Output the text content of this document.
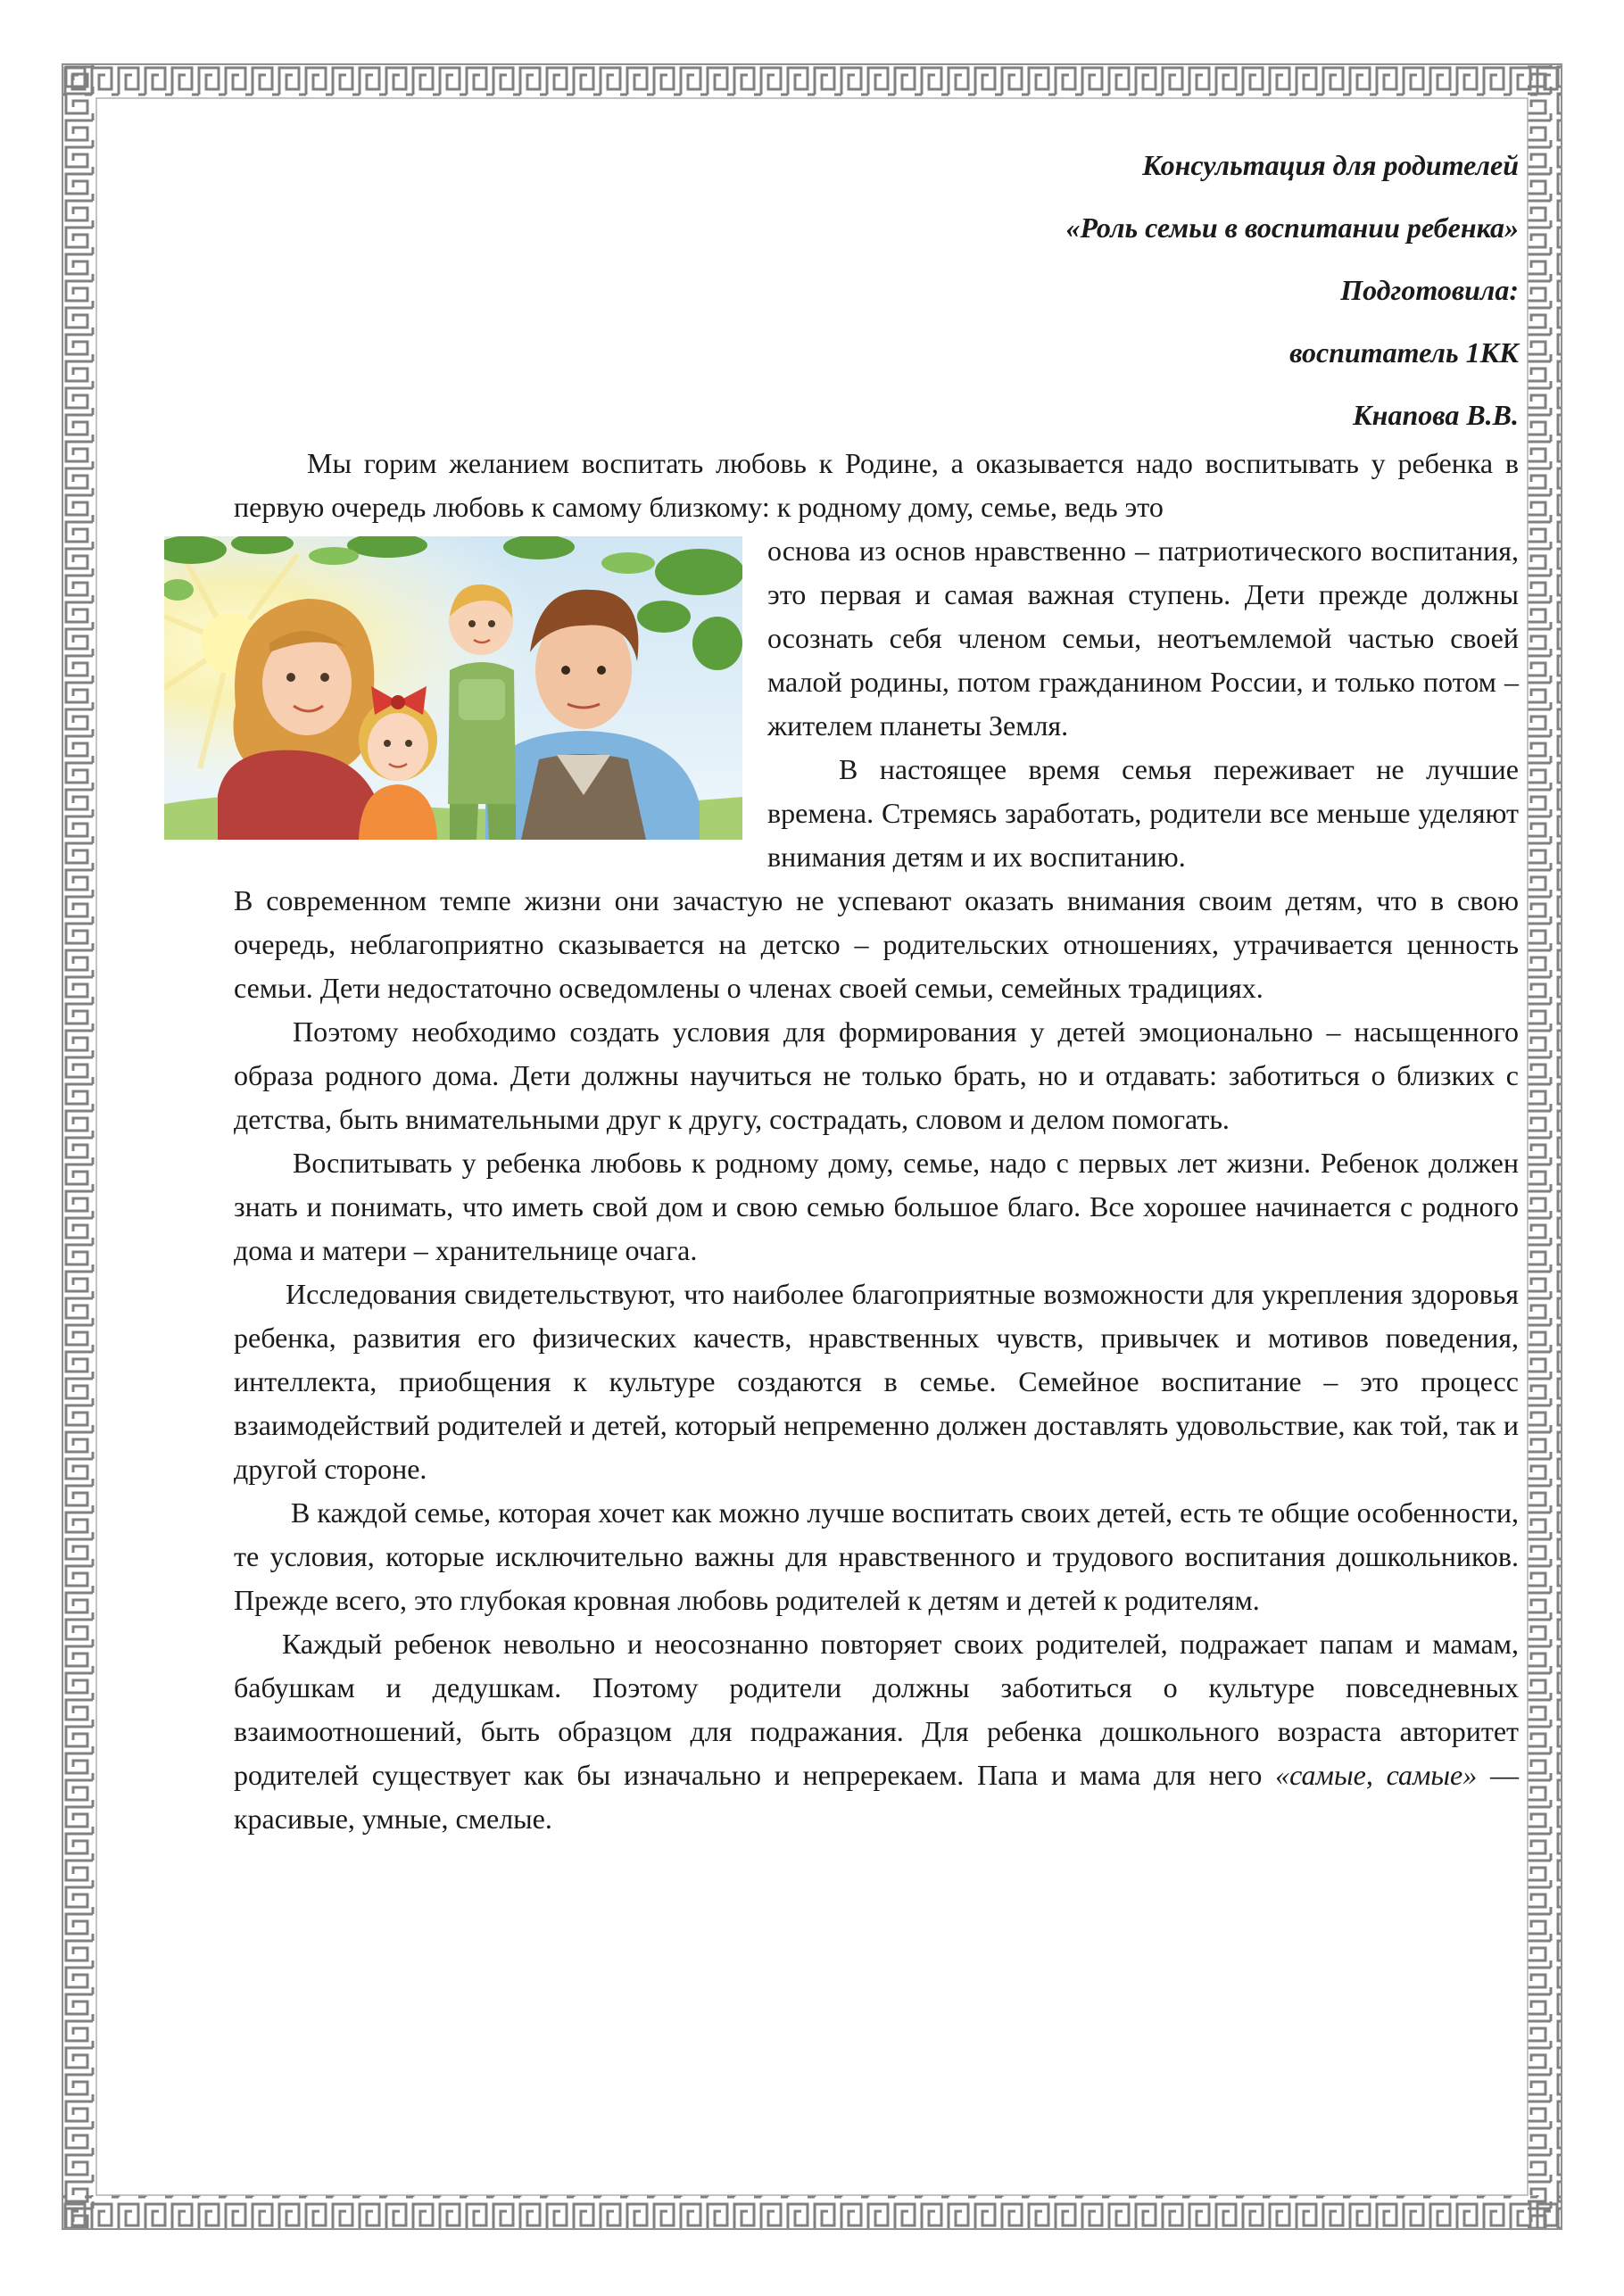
Консультация для родителей

«Роль семьи в воспитании ребенка»

Подготовила:

воспитатель 1КК

Кнапова В.В.

Мы горим желанием воспитать любовь к Родине, а оказывается надо воспитывать у ребенка в первую очередь любовь к самому близкому: к родному дому, семье, ведь это

основа из основ нравственно – патриотического воспитания, это первая и самая важная ступень. Дети прежде должны осознать себя членом семьи, неотъемлемой частью своей малой родины, потом гражданином России, и только потом – жителем планеты Земля.

В настоящее время семья переживает не лучшие времена. Стремясь заработать, родители все меньше уделяют внимания детям и их воспитанию.

В современном темпе жизни они зачастую не успевают оказать внимания своим детям, что в свою очередь, неблагоприятно сказывается на детско – родительских отношениях, утрачивается ценность семьи. Дети недостаточно осведомлены о членах своей семьи, семейных традициях.

Поэтому необходимо создать условия для формирования у детей эмоционально – насыщенного образа родного дома. Дети должны научиться не только брать, но и отдавать: заботиться о близких с детства, быть внимательными друг к другу, сострадать, словом и делом помогать.

Воспитывать у ребенка любовь к родному дому, семье, надо с первых лет жизни. Ребенок должен знать и понимать, что иметь свой дом и свою семью большое благо. Все хорошее начинается с родного дома и матери – хранительнице очага.

Исследования свидетельствуют, что наиболее благоприятные возможности для укрепления здоровья ребенка, развития его физических качеств, нравственных чувств, привычек и мотивов поведения, интеллекта, приобщения к культуре создаются в семье. Семейное воспитание – это процесс взаимодействий родителей и детей, который непременно должен доставлять удовольствие, как той, так и другой стороне.

В каждой семье, которая хочет как можно лучше воспитать своих детей, есть те общие особенности, те условия, которые исключительно важны для нравственного и трудового воспитания дошкольников. Прежде всего, это глубокая кровная любовь родителей к детям и детей к родителям.

Каждый ребенок невольно и неосознанно повторяет своих родителей, подражает папам и мамам, бабушкам и дедушкам. Поэтому родители должны заботиться о культуре повседневных взаимоотношений, быть образцом для подражания. Для ребенка дошкольного возраста авторитет родителей существует как бы изначально и непререкаем. Папа и мама для него «самые, самые» — красивые, умные, смелые.
